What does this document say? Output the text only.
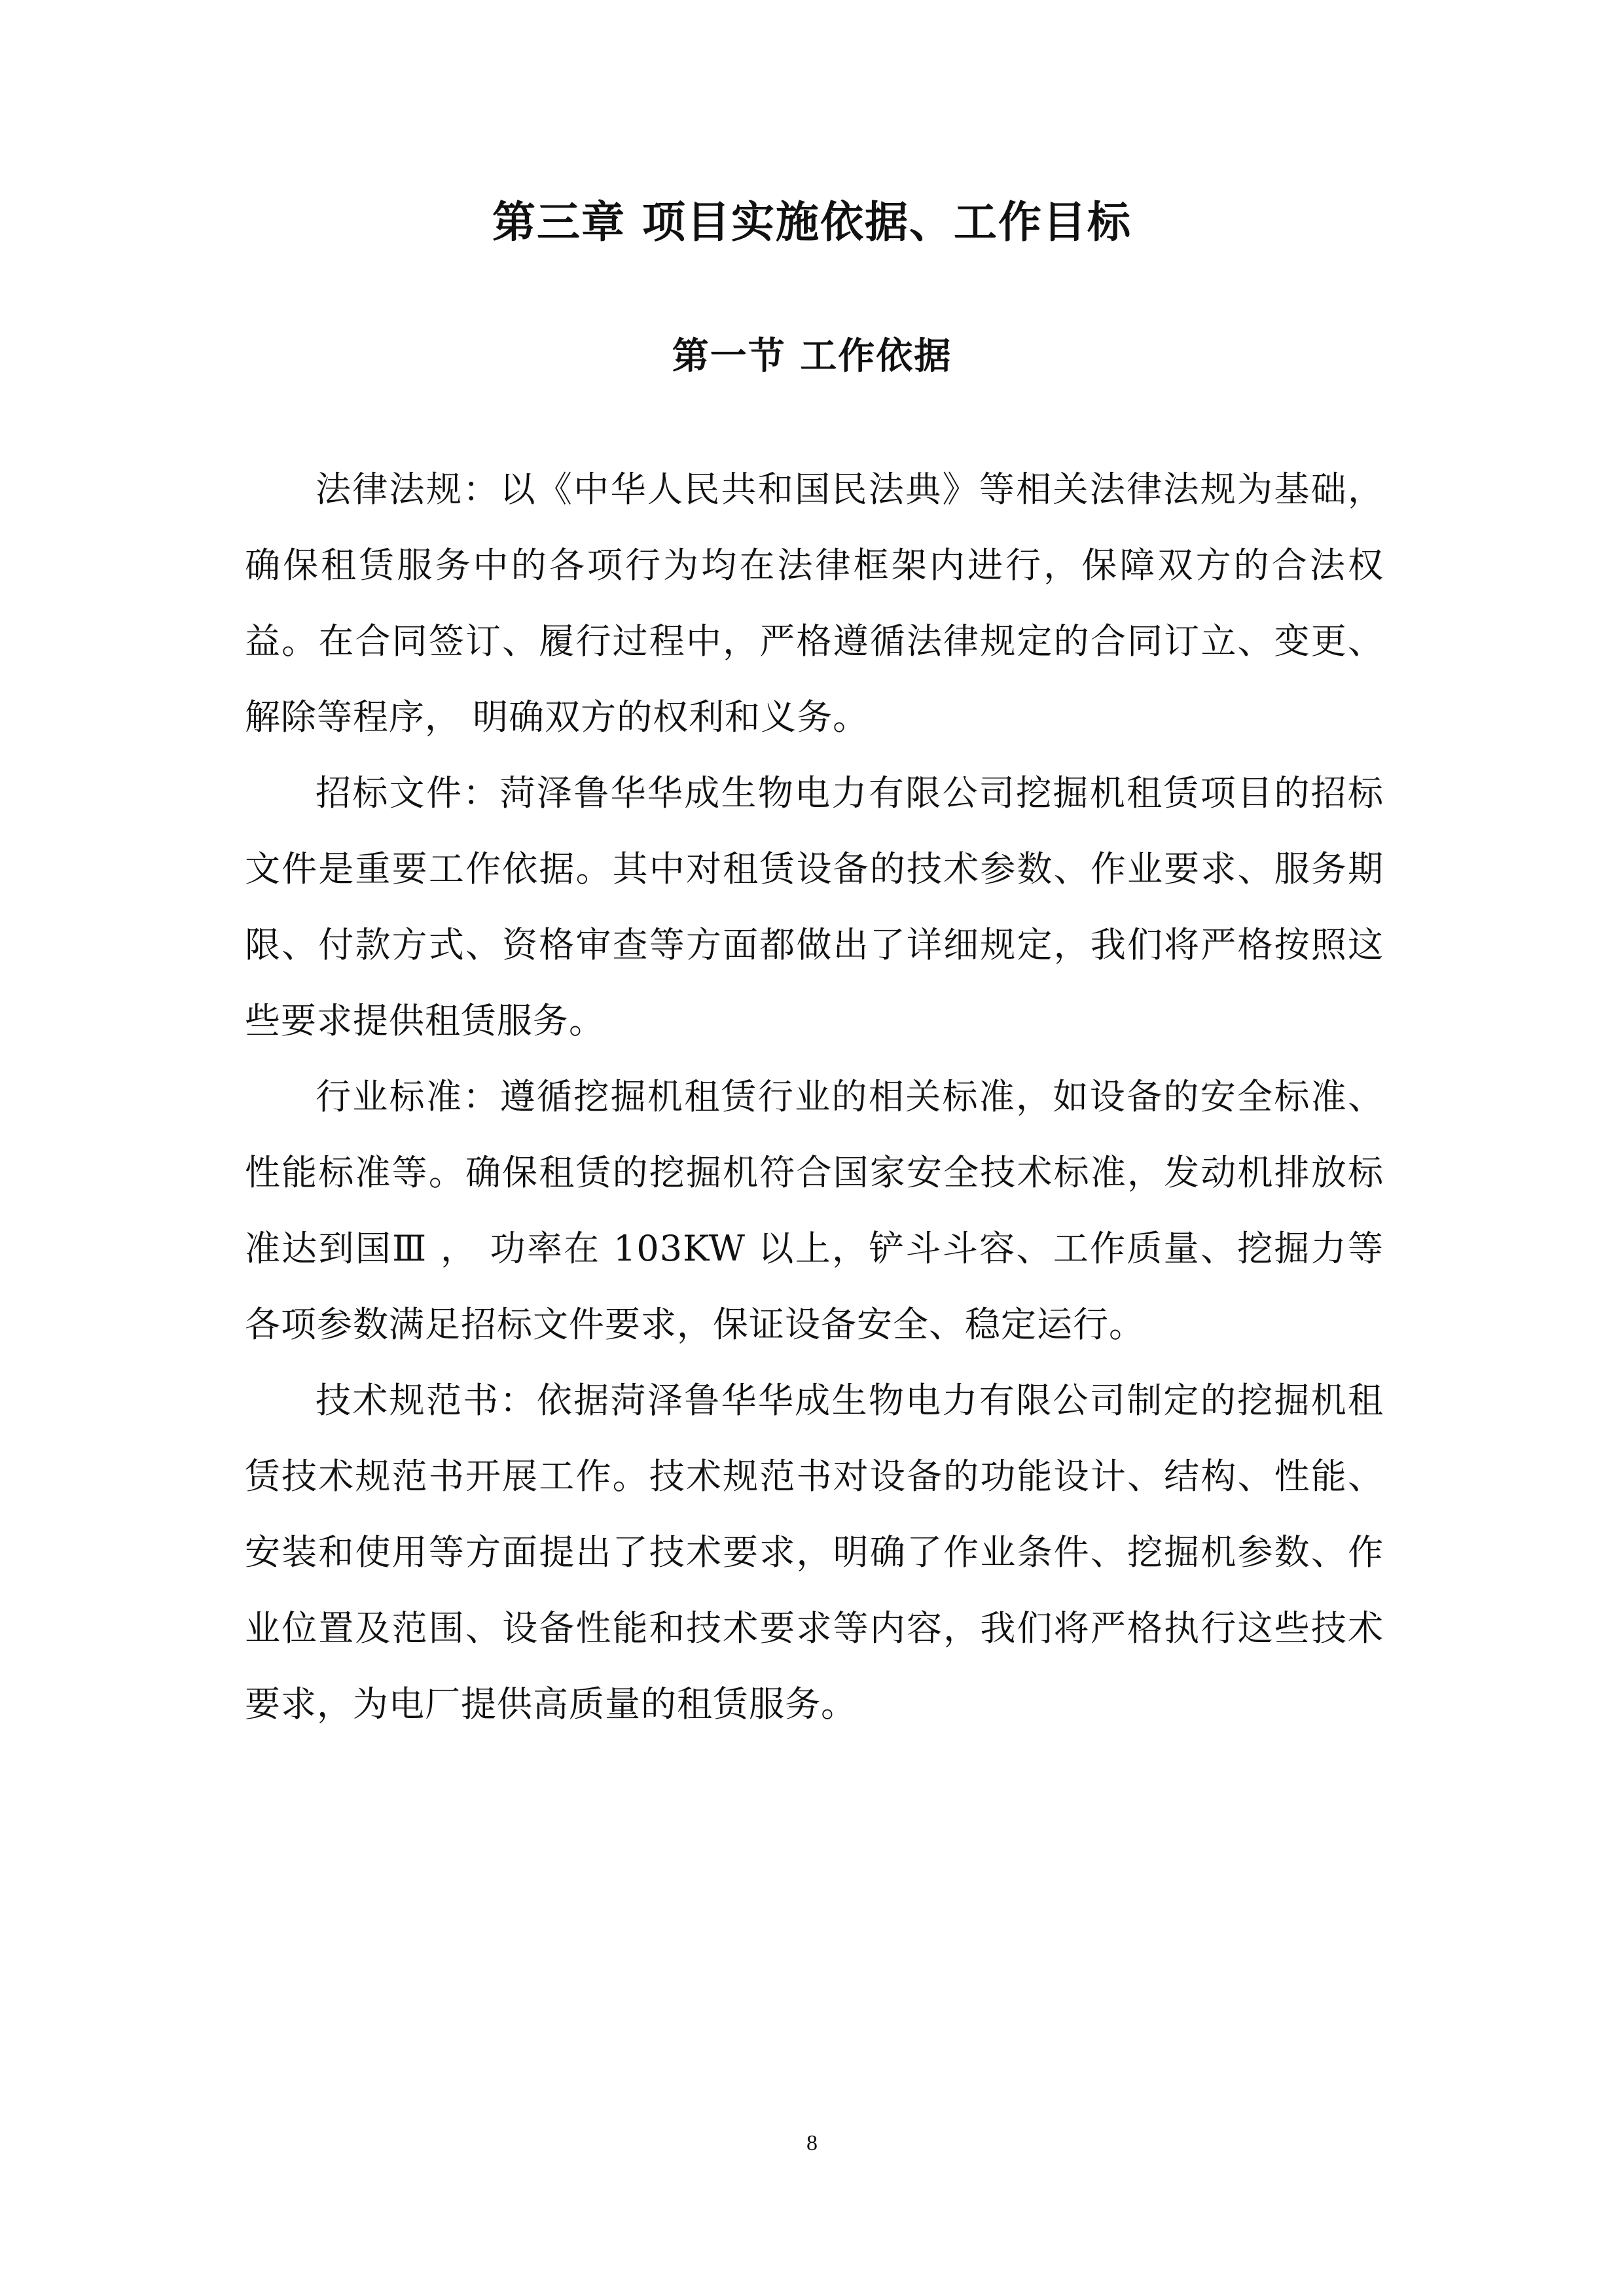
第三章 项目实施依据、工作目标
第一节 工作依据

法律法规：以《中华人民共和国民法典》等相关法律法规为基础，确保租赁服务中的各项行为均在法律框架内进行，保障双方的合法权益。在合同签订、履行过程中，严格遵循法律规定的合同订立、变更、解除等程序， 明确双方的权利和义务。

招标文件：菏泽鲁华华成生物电力有限公司挖掘机租赁项目的招标文件是重要工作依据。其中对租赁设备的技术参数、作业要求、服务期限、付款方式、资格审查等方面都做出了详细规定，我们将严格按照这些要求提供租赁服务。

行业标准：遵循挖掘机租赁行业的相关标准，如设备的安全标准、性能标准等。确保租赁的挖掘机符合国家安全技术标准，发动机排放标准达到国Ⅲ ， 功率在 103KW 以上，铲斗斗容、工作质量、挖掘力等 各项参数满足招标文件要求，保证设备安全、稳定运行。

技术规范书：依据菏泽鲁华华成生物电力有限公司制定的挖掘机租赁技术规范书开展工作。技术规范书对设备的功能设计、结构、性能、安装和使用等方面提出了技术要求，明确了作业条件、挖掘机参数、作业位置及范围、设备性能和技术要求等内容，我们将严格执行这些技术要求，为电厂提供高质量的租赁服务。

8
